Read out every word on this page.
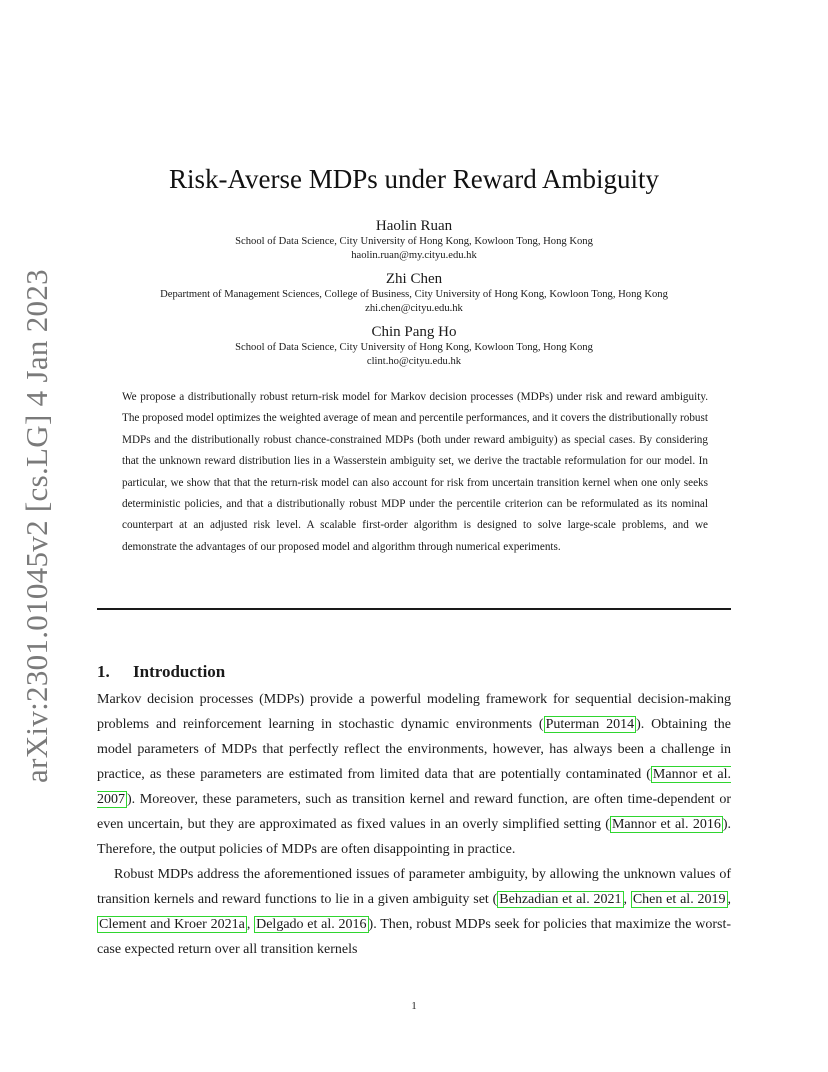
arXiv:2301.01045v2 [cs.LG] 4 Jan 2023
Risk-Averse MDPs under Reward Ambiguity
Haolin Ruan
School of Data Science, City University of Hong Kong, Kowloon Tong, Hong Kong
haolin.ruan@my.cityu.edu.hk
Zhi Chen
Department of Management Sciences, College of Business, City University of Hong Kong, Kowloon Tong, Hong Kong
zhi.chen@cityu.edu.hk
Chin Pang Ho
School of Data Science, City University of Hong Kong, Kowloon Tong, Hong Kong
clint.ho@cityu.edu.hk
We propose a distributionally robust return-risk model for Markov decision processes (MDPs) under risk and reward ambiguity. The proposed model optimizes the weighted average of mean and percentile performances, and it covers the distributionally robust MDPs and the distributionally robust chance-constrained MDPs (both under reward ambiguity) as special cases. By considering that the unknown reward distribution lies in a Wasserstein ambiguity set, we derive the tractable reformulation for our model. In particular, we show that that the return-risk model can also account for risk from uncertain transition kernel when one only seeks deterministic policies, and that a distributionally robust MDP under the percentile criterion can be reformulated as its nominal counterpart at an adjusted risk level. A scalable first-order algorithm is designed to solve large-scale problems, and we demonstrate the advantages of our proposed model and algorithm through numerical experiments.
1. Introduction

Markov decision processes (MDPs) provide a powerful modeling framework for sequential decision-making problems and reinforcement learning in stochastic dynamic environments ( Puterman 2014 ). Obtaining the model parameters of MDPs that perfectly reflect the environments, however, has always been a challenge in practice, as these parameters are estimated from limited data that are potentially contaminated ( Mannor et al. 2007 ). Moreover, these parameters, such as transition kernel and reward function, are often time-dependent or even uncertain, but they are approximated as fixed values in an overly simplified setting ( Mannor et al. 2016 ). Therefore, the output policies of MDPs are often disappointing in practice.

Robust MDPs address the aforementioned issues of parameter ambiguity, by allowing the unknown values of transition kernels and reward functions to lie in a given ambiguity set ( Behzadian et al. 2021 , Chen et al. 2019 , Clement and Kroer 2021a , Delgado et al. 2016 ). Then, robust MDPs seek for policies that maximize the worst-case expected return over all transition kernels

1
